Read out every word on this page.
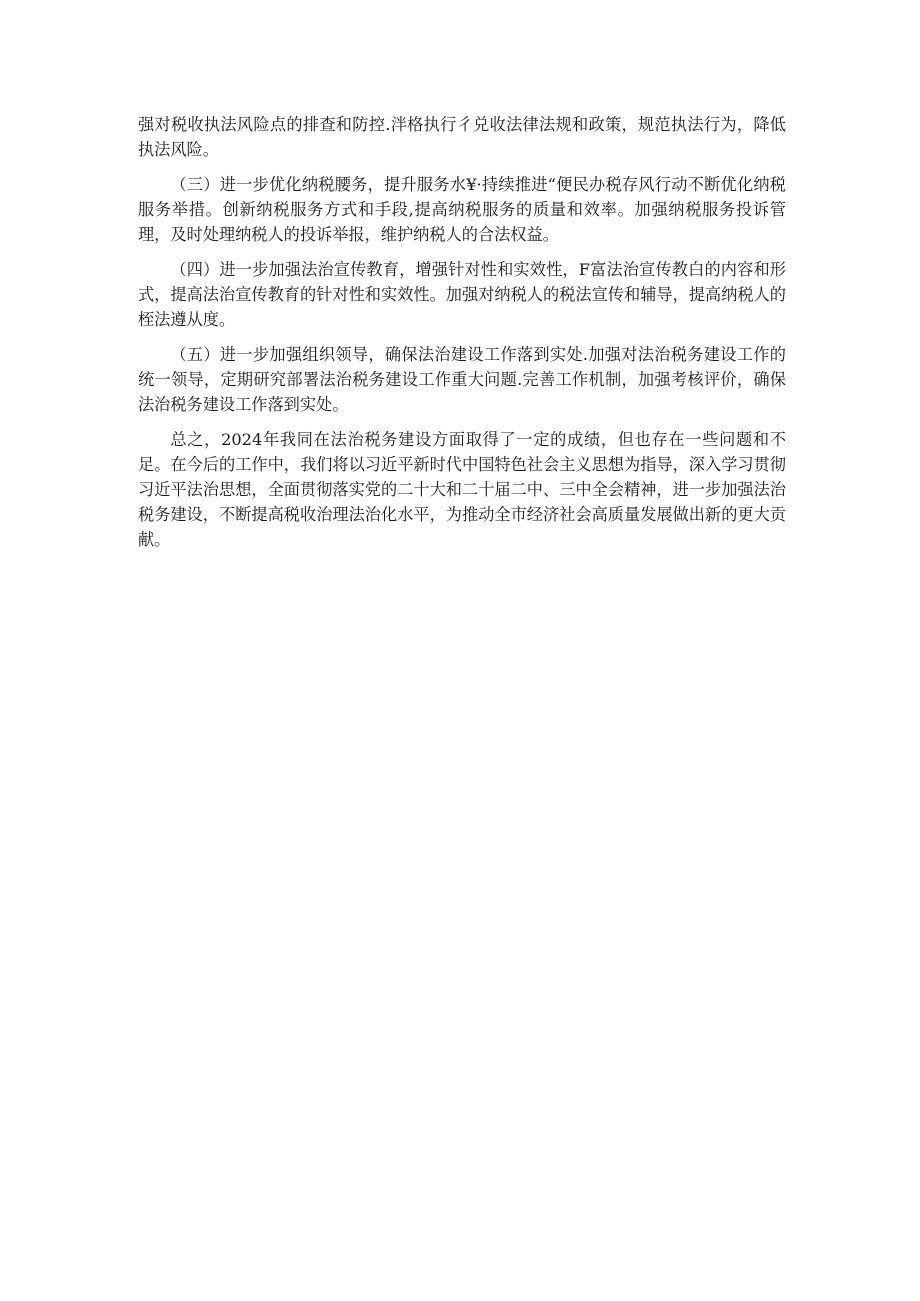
强对税收执法风险点的排查和防控.泮格执行彳兑收法律法规和政策，规范执法行为，降低执法风险。

（三）进一步优化纳税腰务，提升服务水¥·持续推进“便民办税存风行动不断优化纳税服务举措。创新纳税服务方式和手段,提高纳税服务的质量和效率。加强纳税服务投诉管理，及时处理纳税人的投诉举报，维护纳税人的合法权益。

（四）进一步加强法治宣传教育，增强针对性和实效性，F富法治宣传教白的内容和形式，提高法治宣传教育的针对性和实效性。加强对纳税人的税法宣传和辅导，提高纳税人的桎法遵从度。

（五）进一步加强组织领导，确保法治建设工作落到实处.加强对法治税务建设工作的统一领导，定期研究部署法治税务建设工作重大问题.完善工作机制，加强考核评价，确保法治税务建设工作落到实处。

总之，2024年我同在法治税务建设方面取得了一定的成绩，但也存在一些问题和不足。在今后的工作中，我们将以习近平新时代中国特色社会主义思想为指导，深入学习贯彻习近平法治思想，全面贯彻落实党的二十大和二十届二中、三中全会精神，进一步加强法治税务建设，不断提高税收治理法治化水平，为推动全市经济社会高质量发展做出新的更大贡献。
